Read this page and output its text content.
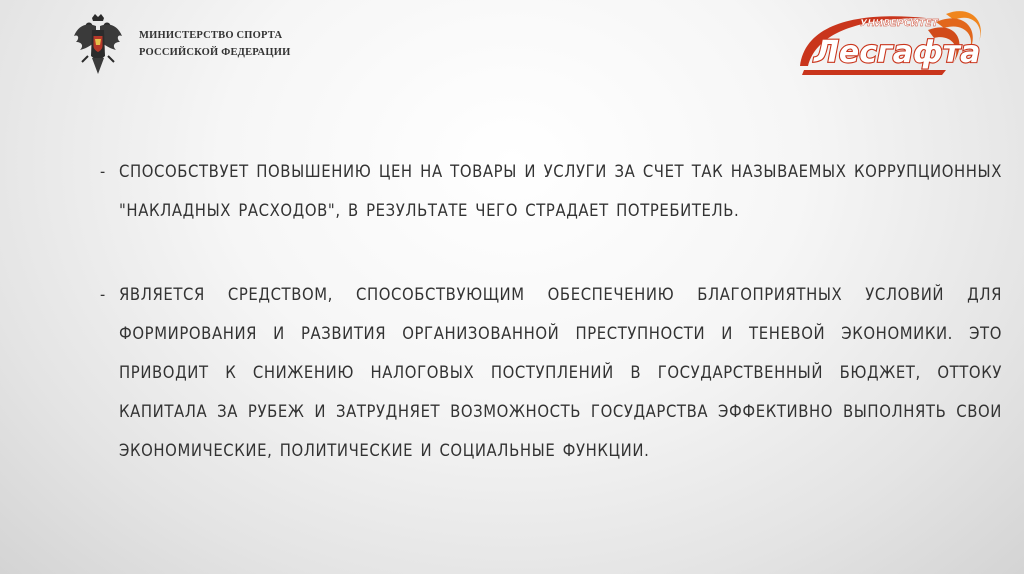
МИНИСТЕРСТВО СПОРТА
РОССИЙСКОЙ ФЕДЕРАЦИИ
УНИВЕРСИТЕТ
Лесгафта
- СПОСОБСТВУЕТ ПОВЫШЕНИЮ ЦЕН НА ТОВАРЫ И УСЛУГИ ЗА СЧЕТ ТАК НАЗЫВАЕМЫХ КОРРУПЦИОННЫХ "НАКЛАДНЫХ РАСХОДОВ", В РЕЗУЛЬТАТЕ ЧЕГО СТРАДАЕТ ПОТРЕБИТЕЛЬ.
- ЯВЛЯЕТСЯ СРЕДСТВОМ, СПОСОБСТВУЮЩИМ ОБЕСПЕЧЕНИЮ БЛАГОПРИЯТНЫХ УСЛОВИЙ ДЛЯ ФОРМИРОВАНИЯ И РАЗВИТИЯ ОРГАНИЗОВАННОЙ ПРЕСТУПНОСТИ И ТЕНЕВОЙ ЭКОНОМИКИ. ЭТО ПРИВОДИТ К СНИЖЕНИЮ НАЛОГОВЫХ ПОСТУПЛЕНИЙ В ГОСУДАРСТВЕННЫЙ БЮДЖЕТ, ОТТОКУ КАПИТАЛА ЗА РУБЕЖ И ЗАТРУДНЯЕТ ВОЗМОЖНОСТЬ ГОСУДАРСТВА ЭФФЕКТИВНО ВЫПОЛНЯТЬ СВОИ ЭКОНОМИЧЕСКИЕ, ПОЛИТИЧЕСКИЕ И СОЦИАЛЬНЫЕ ФУНКЦИИ.
